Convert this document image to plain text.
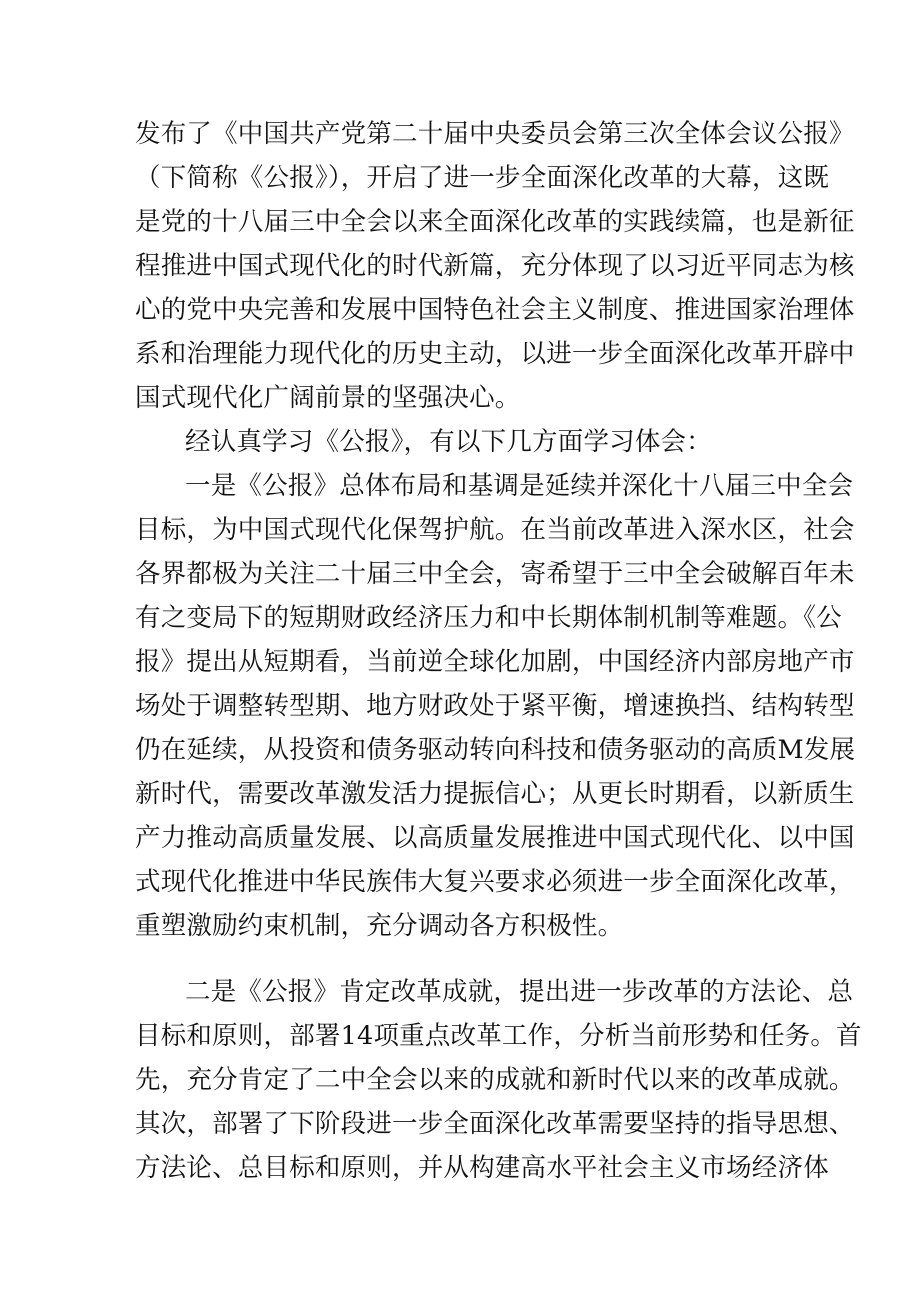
发布了《中国共产党第二十届中央委员会第三次全体会议公报》
（下简称《公报》），开启了进一步全面深化改革的大幕，这既
是党的十八届三中全会以来全面深化改革的实践续篇，也是新征
程推进中国式现代化的时代新篇，充分体现了以习近平同志为核
心的党中央完善和发展中国特色社会主义制度、推进国家治理体
系和治理能力现代化的历史主动，以进一步全面深化改革开辟中
国式现代化广阔前景的坚强决心。
经认真学习《公报》，有以下几方面学习体会：
一是《公报》总体布局和基调是延续并深化十八届三中全会
目标，为中国式现代化保驾护航。在当前改革进入深水区，社会
各界都极为关注二十届三中全会，寄希望于三中全会破解百年未
有之变局下的短期财政经济压力和中长期体制机制等难题。《公
报》提出从短期看，当前逆全球化加剧，中国经济内部房地产市
场处于调整转型期、地方财政处于紧平衡，增速换挡、结构转型
仍在延续，从投资和债务驱动转向科技和债务驱动的高质M发展
新时代，需要改革激发活力提振信心；从更长时期看，以新质生
产力推动高质量发展、以高质量发展推进中国式现代化、以中国
式现代化推进中华民族伟大复兴要求必须进一步全面深化改革，
重塑激励约束机制，充分调动各方积极性。
二是《公报》肯定改革成就，提出进一步改革的方法论、总
目标和原则，部署14项重点改革工作，分析当前形势和任务。首
先，充分肯定了二中全会以来的成就和新时代以来的改革成就。
其次，部署了下阶段进一步全面深化改革需要坚持的指导思想、
方法论、总目标和原则，并从构建高水平社会主义市场经济体
